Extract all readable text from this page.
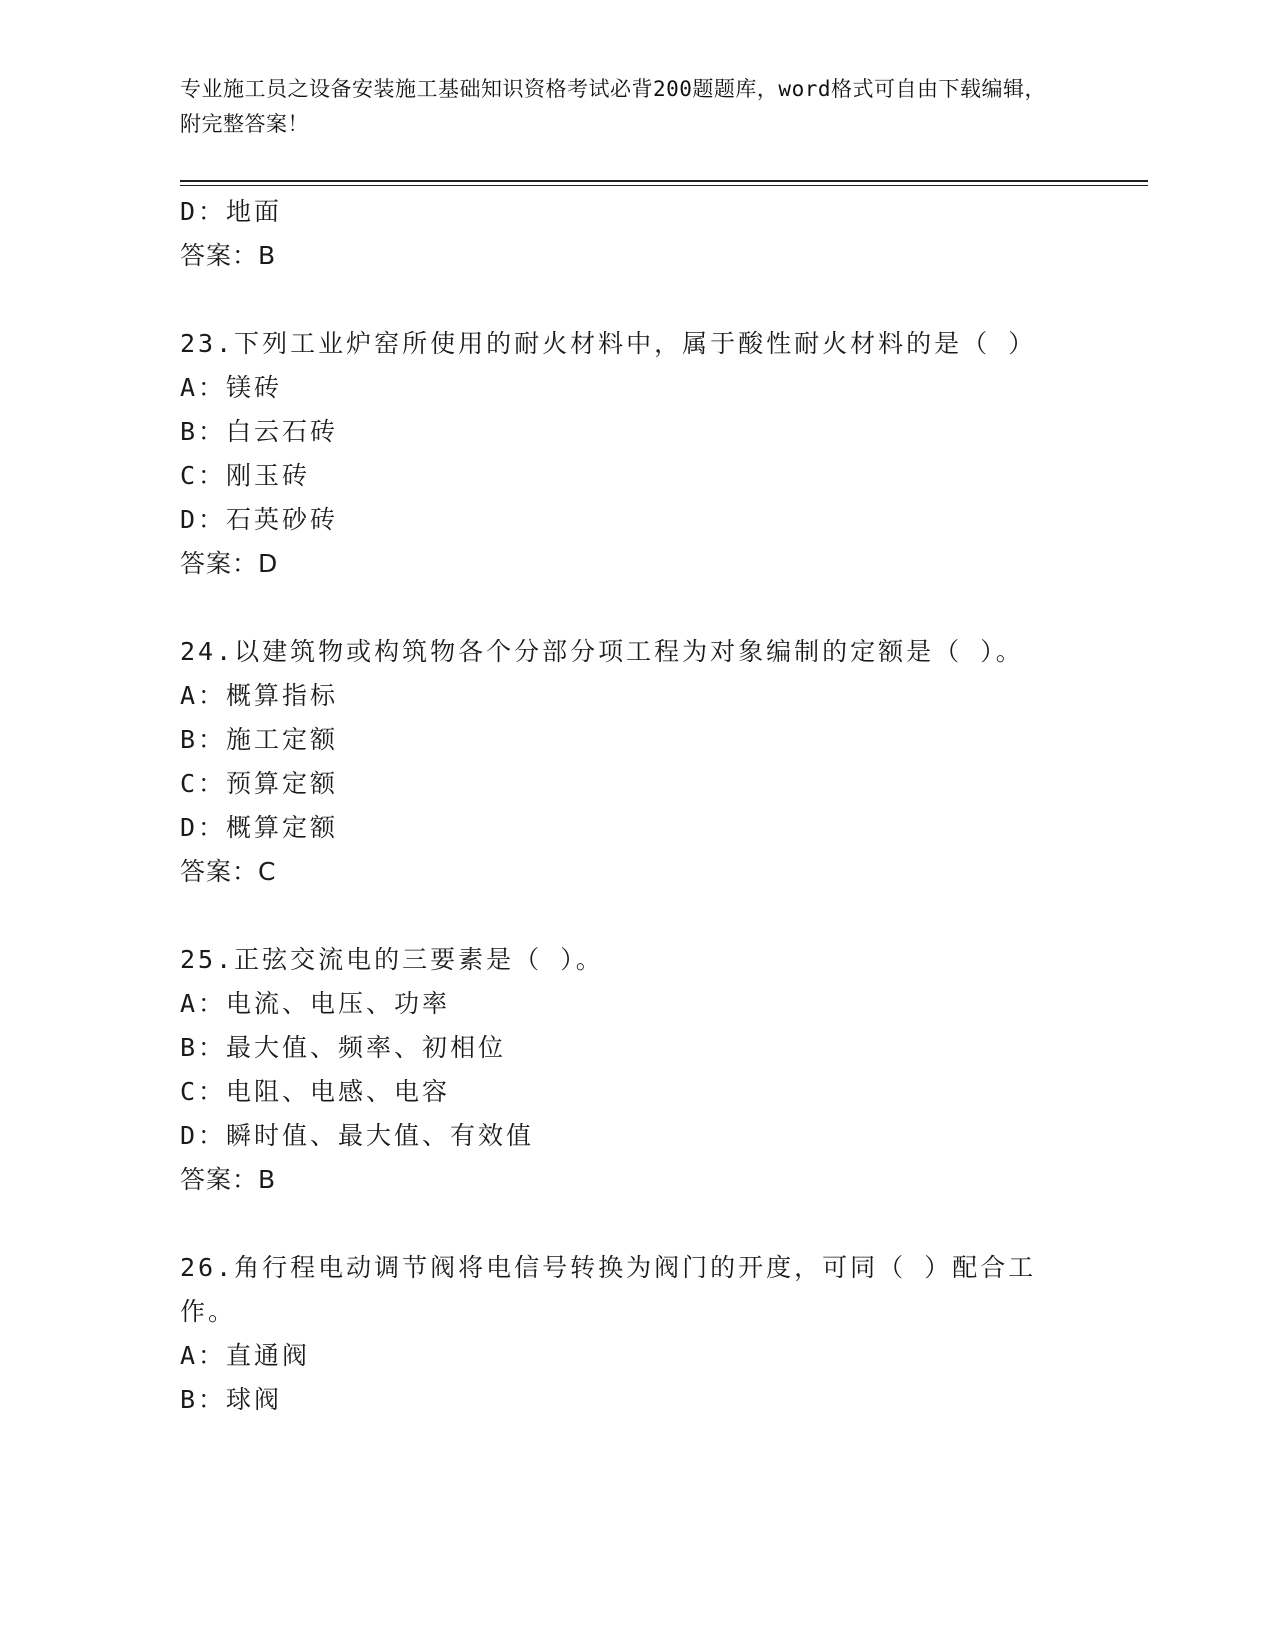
专业施工员之设备安装施工基础知识资格考试必背200题题库，word格式可自由下载编辑，附完整答案！

D：地面

答案：B

23.下列工业炉窑所使用的耐火材料中，属于酸性耐火材料的是（ ）

A：镁砖

B：白云石砖

C：刚玉砖

D：石英砂砖

答案：D

24.以建筑物或构筑物各个分部分项工程为对象编制的定额是（ ）。

A：概算指标

B：施工定额

C：预算定额

D：概算定额

答案：C

25.正弦交流电的三要素是（ ）。

A：电流、电压、功率

B：最大值、频率、初相位

C：电阻、电感、电容

D：瞬时值、最大值、有效值

答案：B

26.角行程电动调节阀将电信号转换为阀门的开度，可同（ ）配合工作。

A：直通阀

B：球阀
